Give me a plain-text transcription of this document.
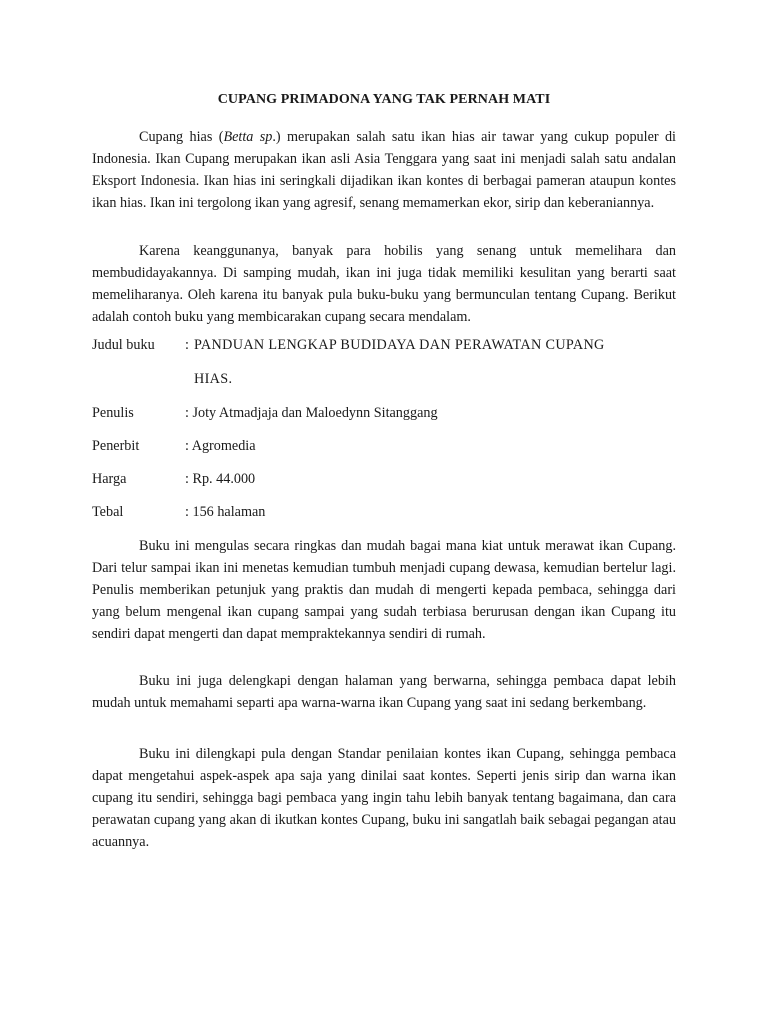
CUPANG PRIMADONA YANG TAK PERNAH MATI

Cupang hias (Betta sp.) merupakan salah satu ikan hias air tawar yang cukup populer di Indonesia. Ikan Cupang merupakan ikan asli Asia Tenggara yang saat ini menjadi salah satu andalan Eksport Indonesia. Ikan hias ini seringkali dijadikan ikan kontes di berbagai pameran ataupun kontes ikan hias. Ikan ini tergolong ikan yang agresif, senang memamerkan ekor, sirip dan keberaniannya.

Karena keanggunanya, banyak para hobilis yang senang untuk memelihara dan membudidayakannya. Di samping mudah, ikan ini juga tidak memiliki kesulitan yang berarti saat memeliharanya. Oleh karena itu banyak pula buku-buku yang bermunculan tentang Cupang. Berikut adalah contoh buku yang membicarakan cupang secara mendalam.

Judul buku : PANDUAN LENGKAP BUDIDAYA DAN PERAWATAN CUPANG
HIAS.
Penulis	: Joty Atmadjaja dan Maloedynn Sitanggang
Penerbit	: Agromedia
Harga	: Rp. 44.000
Tebal	: 156 halaman

Buku ini mengulas secara ringkas dan mudah bagai mana kiat untuk merawat ikan Cupang. Dari telur sampai ikan ini menetas kemudian tumbuh menjadi cupang dewasa, kemudian bertelur lagi. Penulis memberikan petunjuk yang praktis dan mudah di mengerti kepada pembaca, sehingga dari yang belum mengenal ikan cupang sampai yang sudah terbiasa berurusan dengan ikan Cupang itu sendiri dapat mengerti dan dapat mempraktekannya sendiri di rumah.

Buku ini juga delengkapi dengan halaman yang berwarna, sehingga pembaca dapat lebih mudah untuk memahami separti apa warna-warna ikan Cupang yang saat ini sedang berkembang.

Buku ini dilengkapi pula dengan Standar penilaian kontes ikan Cupang, sehingga pembaca dapat mengetahui aspek-aspek apa saja yang dinilai saat kontes. Seperti jenis sirip dan warna ikan cupang itu sendiri, sehingga bagi pembaca yang ingin tahu lebih banyak tentang bagaimana, dan cara perawatan cupang yang akan di ikutkan kontes Cupang, buku ini sangatlah baik sebagai pegangan atau acuannya.
